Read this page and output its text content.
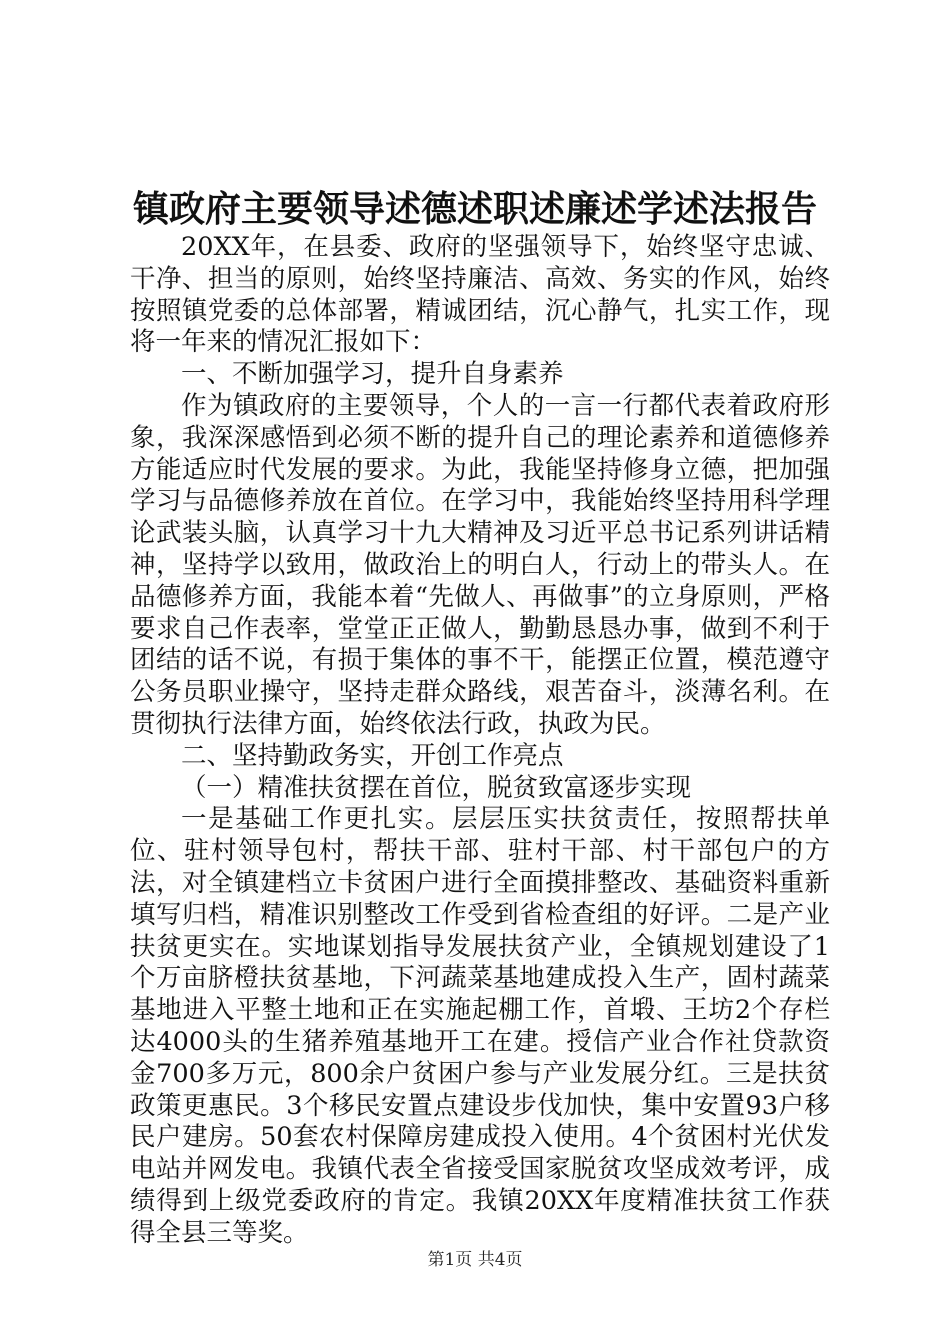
镇政府主要领导述德述职述廉述学述法报告

20XX年，在县委、政府的坚强领导下，始终坚守忠诚、干净、担当的原则，始终坚持廉洁、高效、务实的作风，始终按照镇党委的总体部署，精诚团结，沉心静气，扎实工作，现将一年来的情况汇报如下：

一、不断加强学习，提升自身素养

作为镇政府的主要领导，个人的一言一行都代表着政府形象，我深深感悟到必须不断的提升自己的理论素养和道德修养方能适应时代发展的要求。为此，我能坚持修身立德，把加强学习与品德修养放在首位。在学习中，我能始终坚持用科学理论武装头脑，认真学习十九大精神及习近平总书记系列讲话精神，坚持学以致用，做政治上的明白人，行动上的带头人。在品德修养方面，我能本着“先做人、再做事”的立身原则，严格要求自己作表率，堂堂正正做人，勤勤恳恳办事，做到不利于团结的话不说，有损于集体的事不干，能摆正位置，模范遵守公务员职业操守，坚持走群众路线，艰苦奋斗，淡薄名利。在贯彻执行法律方面，始终依法行政，执政为民。

二、坚持勤政务实，开创工作亮点

（一）精准扶贫摆在首位，脱贫致富逐步实现

一是基础工作更扎实。层层压实扶贫责任，按照帮扶单位、驻村领导包村，帮扶干部、驻村干部、村干部包户的方法，对全镇建档立卡贫困户进行全面摸排整改、基础资料重新填写归档，精准识别整改工作受到省检查组的好评。二是产业扶贫更实在。实地谋划指导发展扶贫产业，全镇规划建设了1个万亩脐橙扶贫基地，下河蔬菜基地建成投入生产，固村蔬菜基地进入平整土地和正在实施起棚工作，首塅、王坊2个存栏达4000头的生猪养殖基地开工在建。授信产业合作社贷款资金700多万元，800余户贫困户参与产业发展分红。三是扶贫政策更惠民。3个移民安置点建设步伐加快，集中安置93户移民户建房。50套农村保障房建成投入使用。4个贫困村光伏发电站并网发电。我镇代表全省接受国家脱贫攻坚成效考评，成绩得到上级党委政府的肯定。我镇20XX年度精准扶贫工作获得全县三等奖。

第1页 共4页
